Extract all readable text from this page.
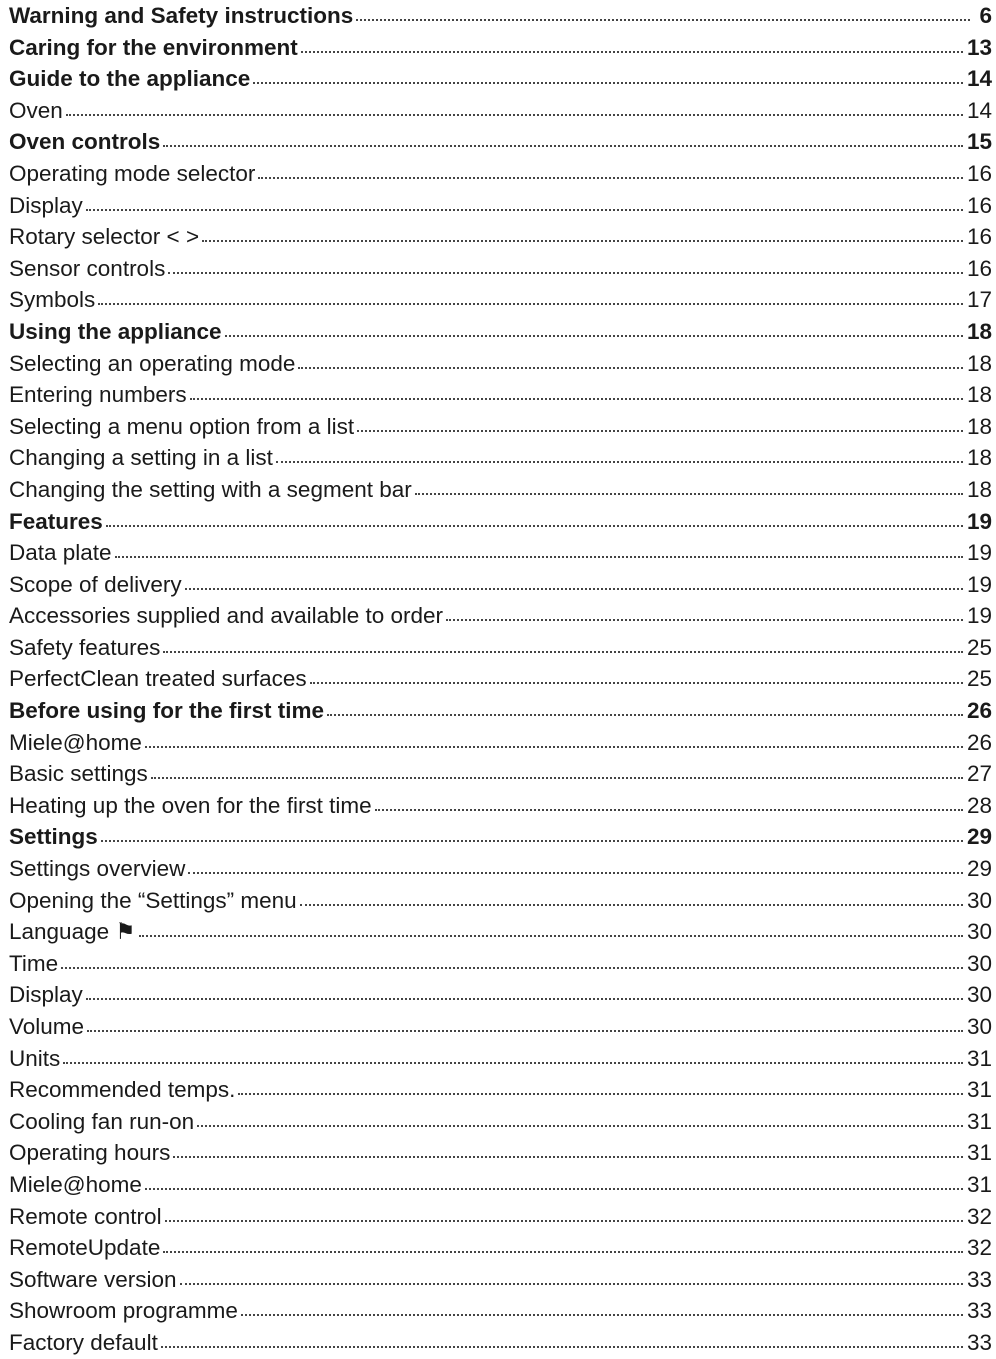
Warning and Safety instructions	6
Caring for the environment	13
Guide to the appliance	14
Oven	14
Oven controls	15
Operating mode selector	16
Display	16
Rotary selector < >	16
Sensor controls	16
Symbols	17
Using the appliance	18
Selecting an operating mode	18
Entering numbers	18
Selecting a menu option from a list	18
Changing a setting in a list	18
Changing the setting with a segment bar	18
Features	19
Data plate	19
Scope of delivery	19
Accessories supplied and available to order	19
Safety features	25
PerfectClean treated surfaces	25
Before using for the first time	26
Miele@home	26
Basic settings	27
Heating up the oven for the first time	28
Settings	29
Settings overview	29
Opening the “Settings” menu	30
Language ⚑	30
Time	30
Display	30
Volume	30
Units	31
Recommended temps.	31
Cooling fan run-on	31
Operating hours	31
Miele@home	31
Remote control	32
RemoteUpdate	32
Software version	33
Showroom programme	33
Factory default	33
